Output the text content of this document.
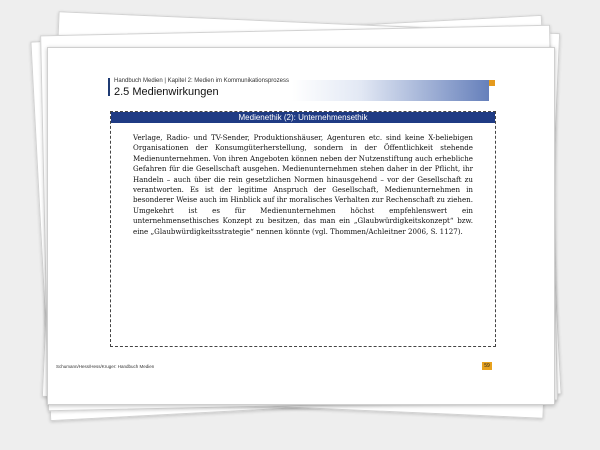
Handbuch Medien | Kapitel 2: Medien im Kommunikationsprozess

2.5 Medienwirkungen
Medienethik (2): Unternehmensethik

Verlage, Radio- und TV-Sender, Produktionshäuser, Agenturen etc. sind keine X-beliebigen Organisationen der Konsumgüterherstellung, sondern in der Öffentlichkeit stehende Medienunternehmen. Von ihren Angeboten können neben der Nutzenstiftung auch erhebliche Gefahren für die Gesellschaft ausgehen. Medienunternehmen stehen daher in der Pflicht, ihr Handeln – auch über die rein gesetzlichen Normen hinausgehend – vor der Gesellschaft zu verantworten. Es ist der legitime Anspruch der Gesellschaft, Medienunternehmen in besonderer Weise auch im Hinblick auf ihr moralisches Verhalten zur Rechenschaft zu ziehen. Umgekehrt ist es für Medienunternehmen höchst empfehlenswert ein unternehmensethisches Konzept zu besitzen, das man ein „Glaubwürdigkeitskonzept“ bzw. eine „Glaubwürdigkeitsstrategie“ nennen könnte (vgl. Thommen/Achleitner 2006, S. 1127).

Schumann/Hess/Hess/Kruger: Handbuch Medien	59
